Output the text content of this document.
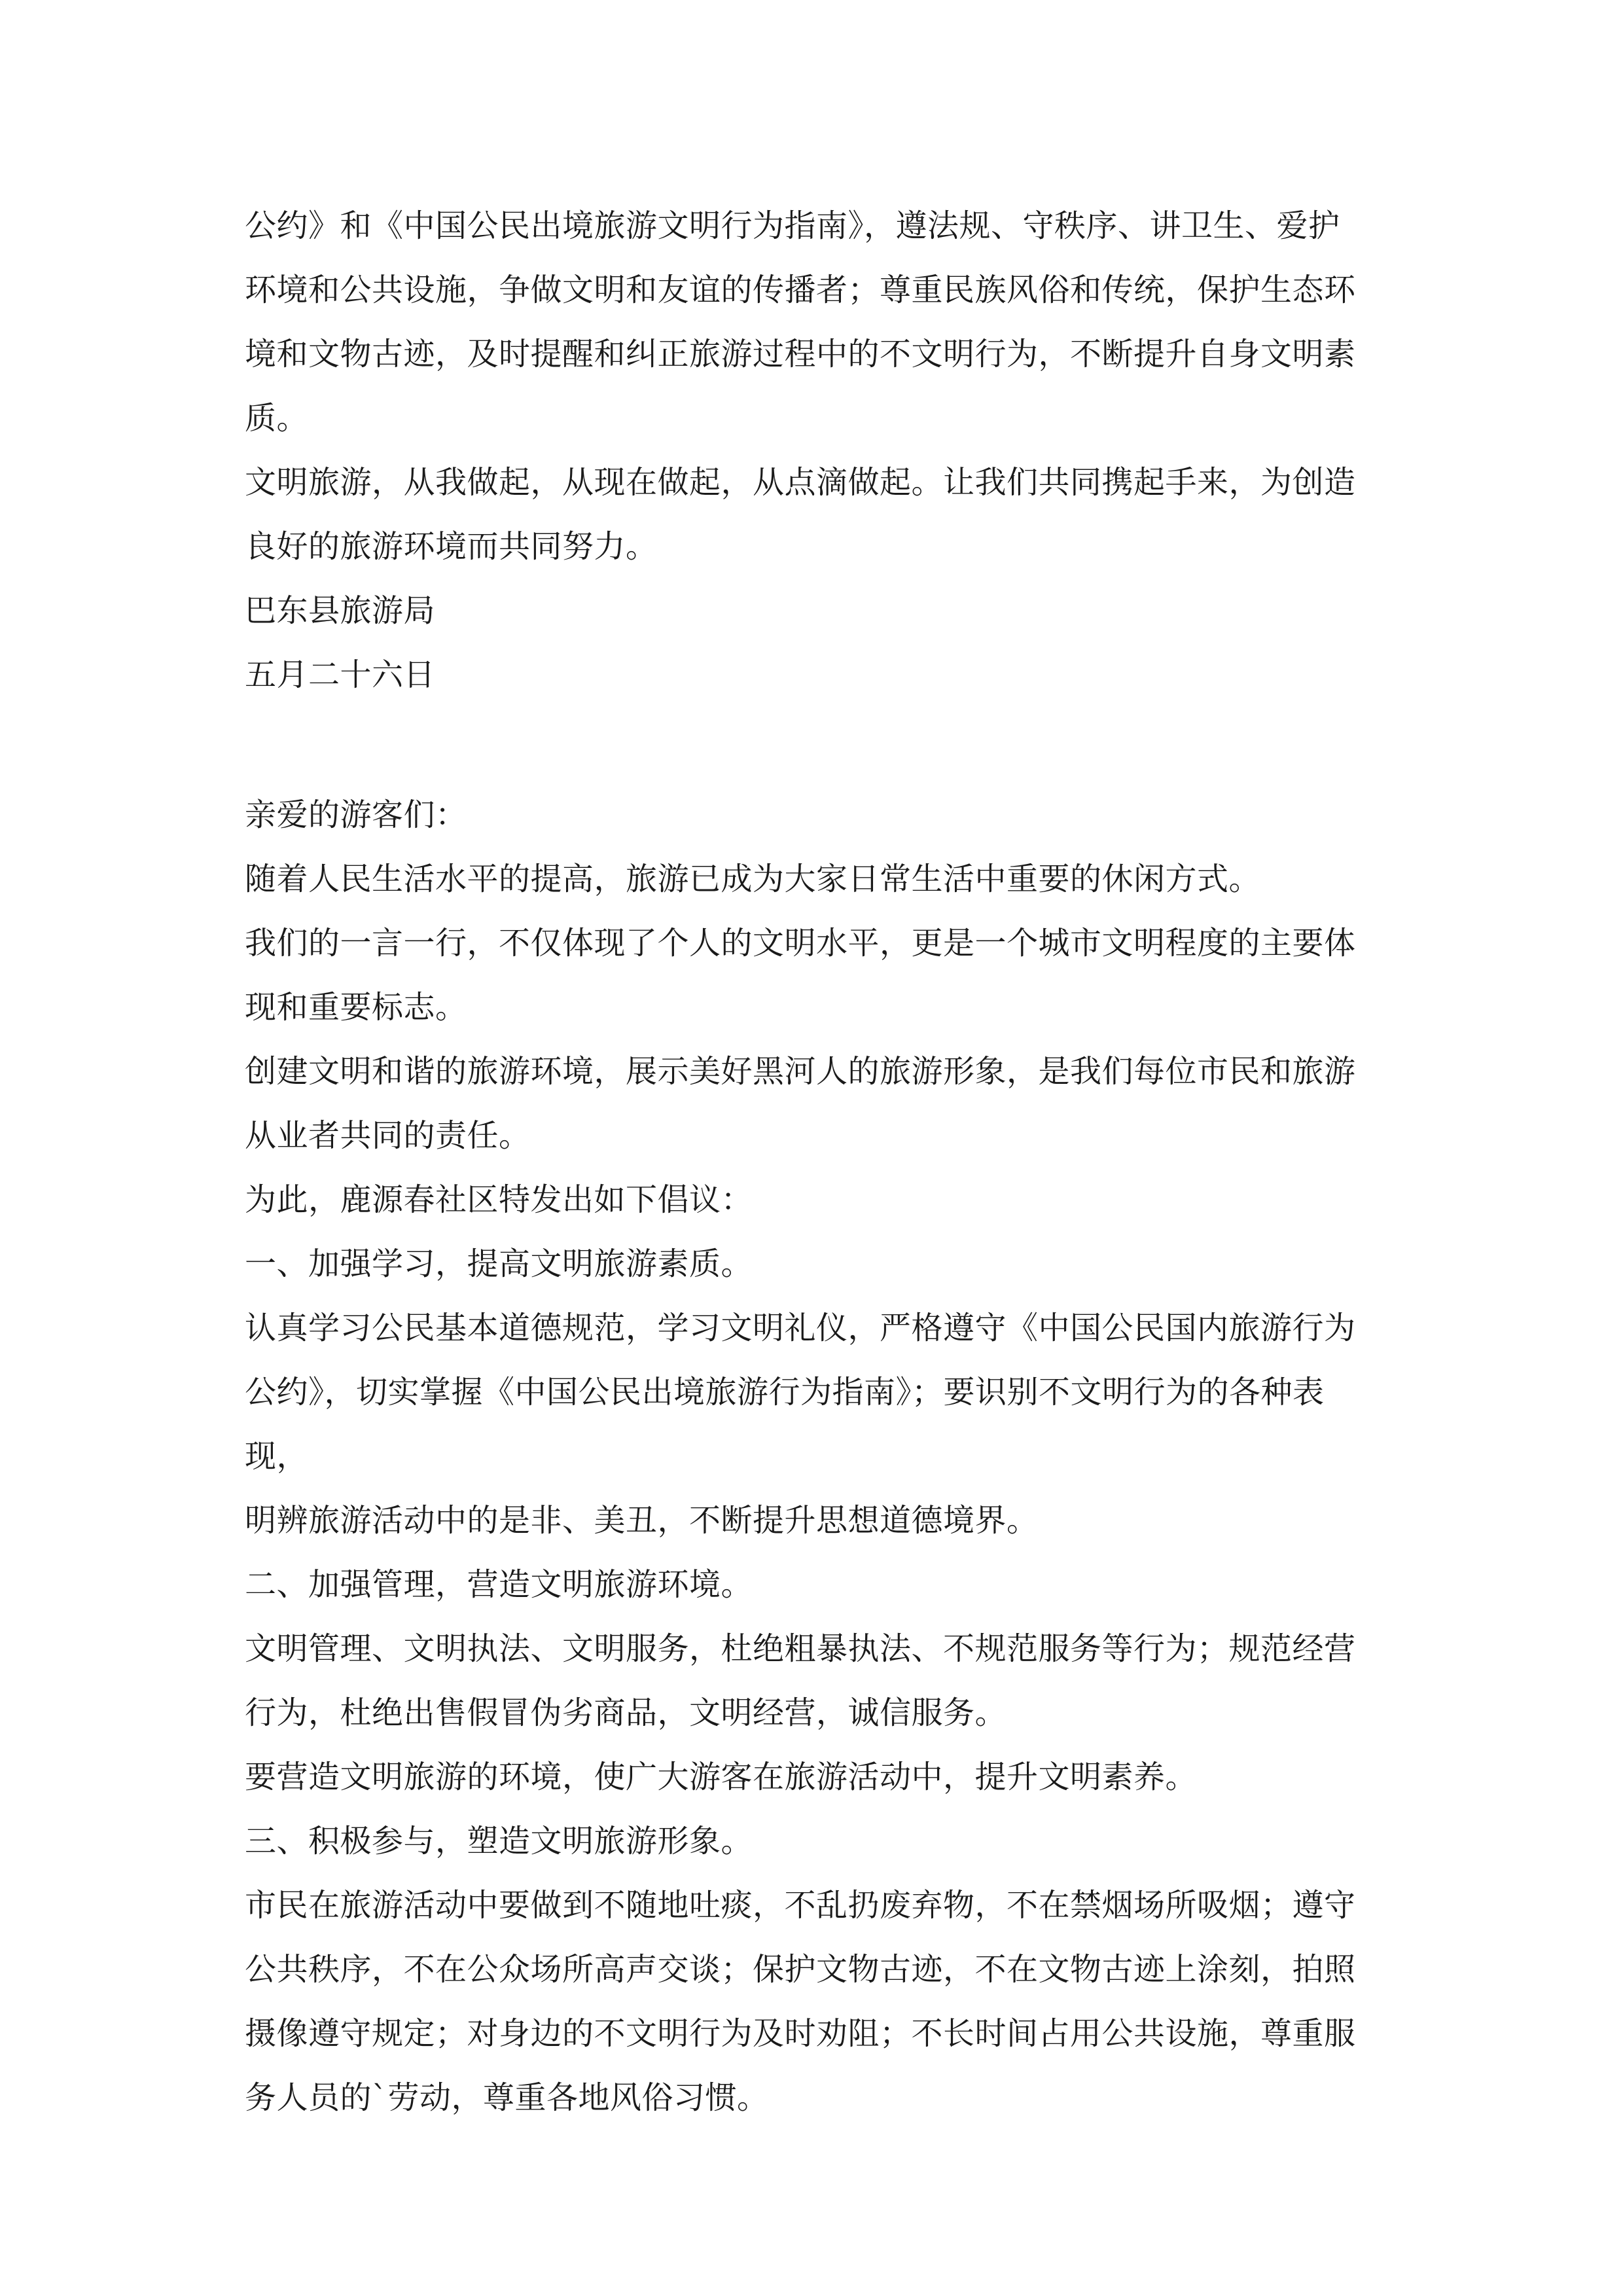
公约》和《中国公民出境旅游文明行为指南》，遵法规、守秩序、讲卫生、爱护

环境和公共设施，争做文明和友谊的传播者；尊重民族风俗和传统，保护生态环

境和文物古迹，及时提醒和纠正旅游过程中的不文明行为，不断提升自身文明素

质。

文明旅游，从我做起，从现在做起，从点滴做起。让我们共同携起手来，为创造

良好的旅游环境而共同努力。

巴东县旅游局

五月二十六日

亲爱的游客们：

随着人民生活水平的提高，旅游已成为大家日常生活中重要的休闲方式。

我们的一言一行，不仅体现了个人的文明水平，更是一个城市文明程度的主要体

现和重要标志。

创建文明和谐的旅游环境，展示美好黑河人的旅游形象，是我们每位市民和旅游

从业者共同的责任。

为此，鹿源春社区特发出如下倡议：

一、加强学习，提高文明旅游素质。

认真学习公民基本道德规范，学习文明礼仪，严格遵守《中国公民国内旅游行为

公约》，切实掌握《中国公民出境旅游行为指南》；要识别不文明行为的各种表现，

明辨旅游活动中的是非、美丑，不断提升思想道德境界。

二、加强管理，营造文明旅游环境。

文明管理、文明执法、文明服务，杜绝粗暴执法、不规范服务等行为；规范经营

行为，杜绝出售假冒伪劣商品，文明经营，诚信服务。

要营造文明旅游的环境，使广大游客在旅游活动中，提升文明素养。

三、积极参与，塑造文明旅游形象。

市民在旅游活动中要做到不随地吐痰，不乱扔废弃物，不在禁烟场所吸烟；遵守

公共秩序，不在公众场所高声交谈；保护文物古迹，不在文物古迹上涂刻，拍照

摄像遵守规定；对身边的不文明行为及时劝阻；不长时间占用公共设施，尊重服

务人员的`劳动，尊重各地风俗习惯。
